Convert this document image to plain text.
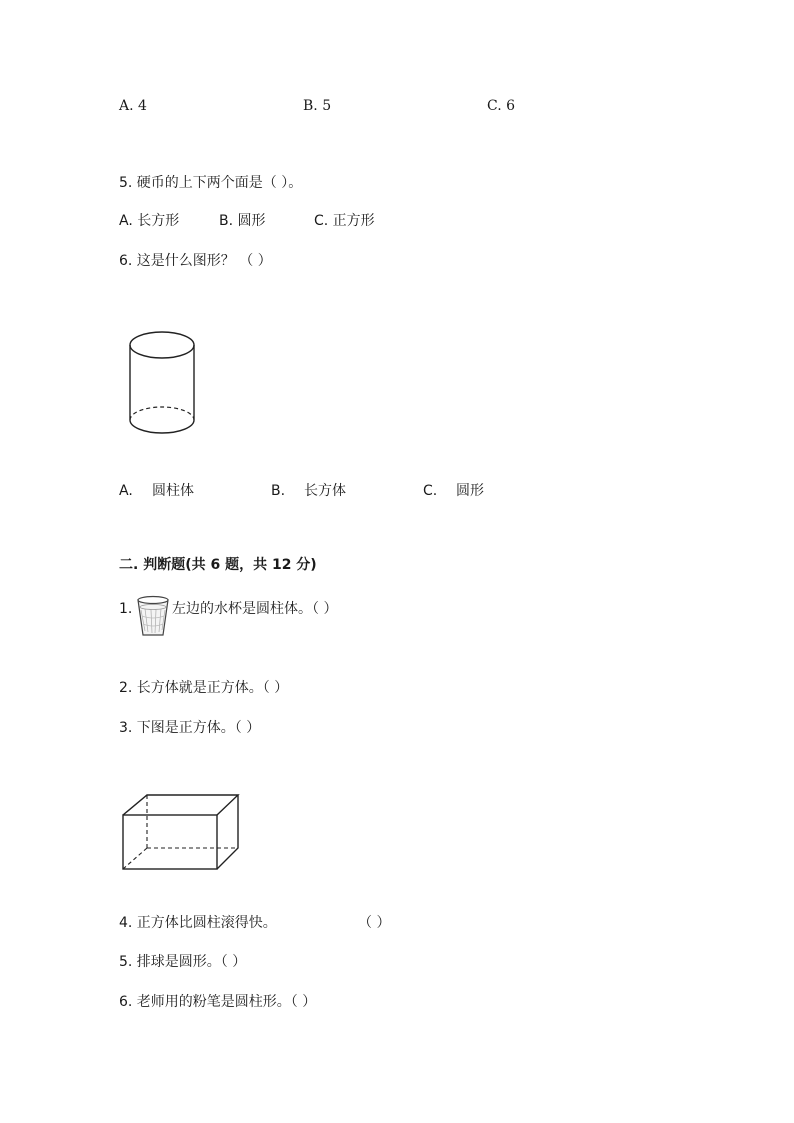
A. 4	B. 5	C. 6
5. 硬币的上下两个面是（ ）。
A. 长方形	B. 圆形	C. 正方形
6. 这是什么图形？ （ ）
A. 圆柱体	B. 长方体	C. 圆形
二. 判断题(共 6 题，共 12 分)
1.	左边的水杯是圆柱体。（ ）
2. 长方体就是正方体。（ ）
3. 下图是正方体。（ ）
4. 正方体比圆柱滚得快。	（ ）
5. 排球是圆形。（ ）
6. 老师用的粉笔是圆柱形。（ ）
